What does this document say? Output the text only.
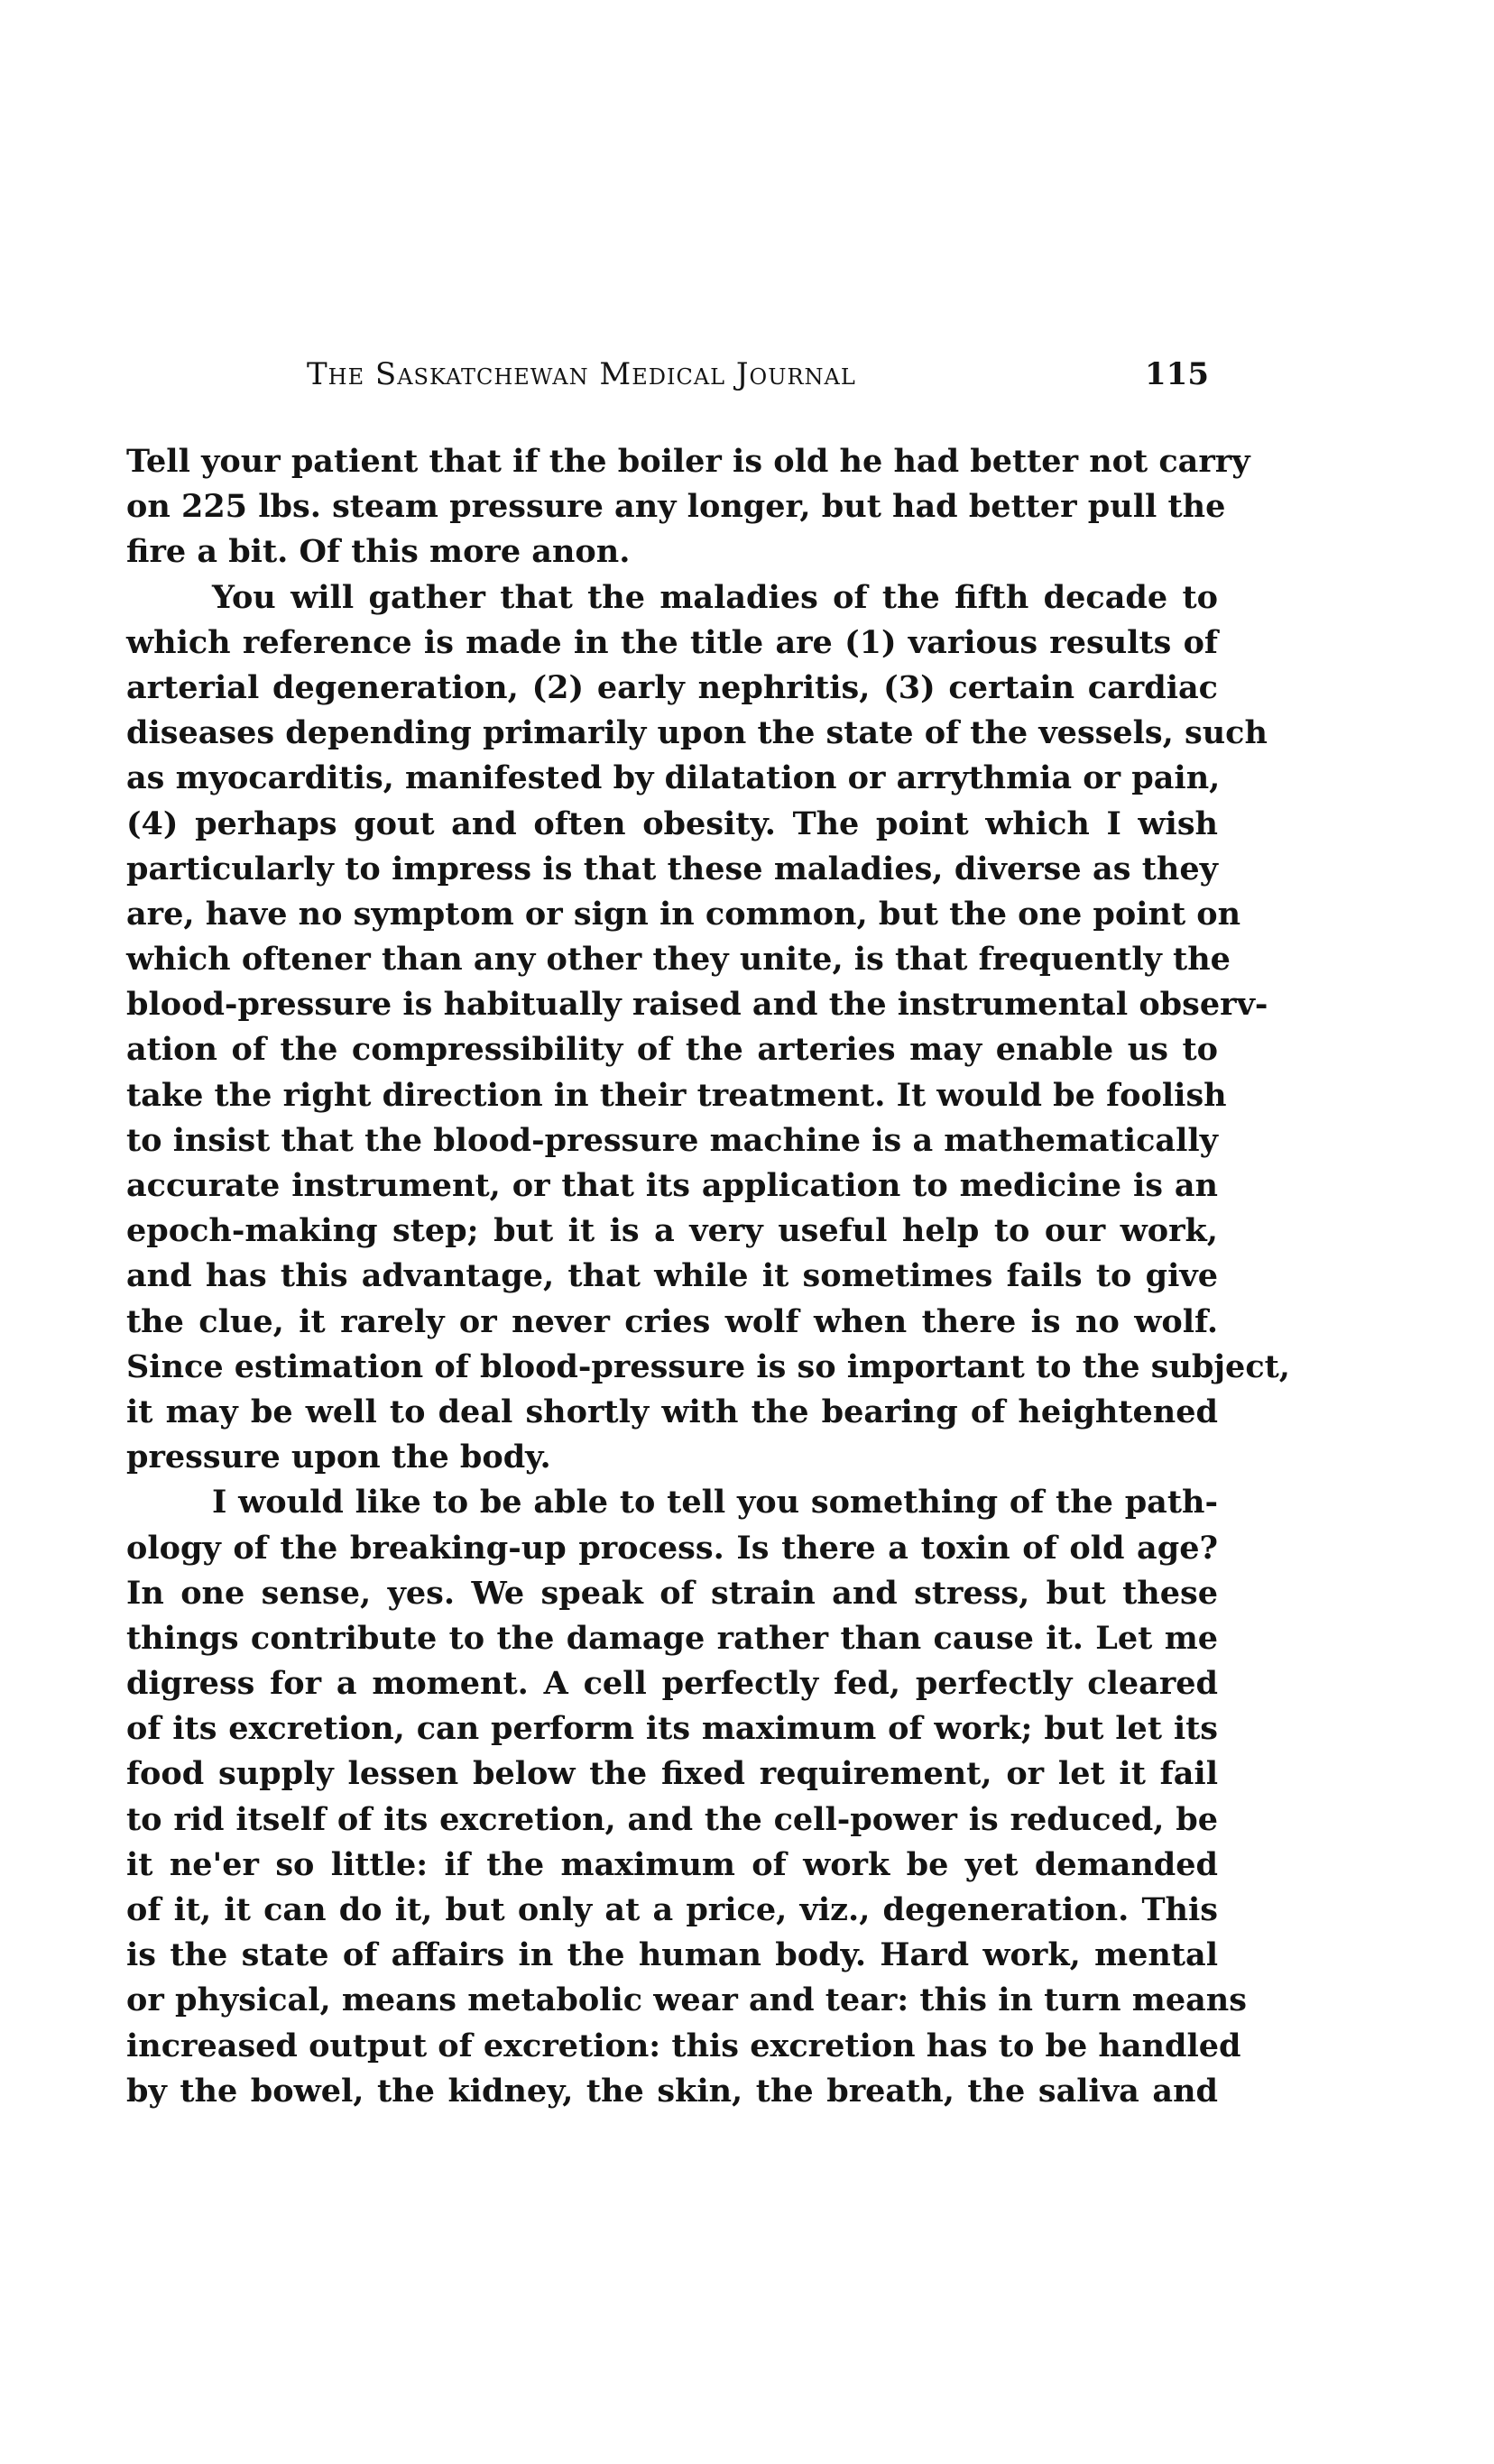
The Saskatchewan Medical Journal	115
Tell your patient that if the boiler is old he had better not carry
on 225 lbs. steam pressure any longer, but had better pull the
fire a bit. Of this more anon.
You will gather that the maladies of the fifth decade to
which reference is made in the title are (1) various results of
arterial degeneration, (2) early nephritis, (3) certain cardiac
diseases depending primarily upon the state of the vessels, such
as myocarditis, manifested by dilatation or arrythmia or pain,
(4) perhaps gout and often obesity. The point which I wish
particularly to impress is that these maladies, diverse as they
are, have no symptom or sign in common, but the one point on
which oftener than any other they unite, is that frequently the
blood-pressure is habitually raised and the instrumental observ-
ation of the compressibility of the arteries may enable us to
take the right direction in their treatment. It would be foolish
to insist that the blood-pressure machine is a mathematically
accurate instrument, or that its application to medicine is an
epoch-making step; but it is a very useful help to our work,
and has this advantage, that while it sometimes fails to give
the clue, it rarely or never cries wolf when there is no wolf.
Since estimation of blood-pressure is so important to the subject,
it may be well to deal shortly with the bearing of heightened
pressure upon the body.
I would like to be able to tell you something of the path-
ology of the breaking-up process. Is there a toxin of old age?
In one sense, yes. We speak of strain and stress, but these
things contribute to the damage rather than cause it. Let me
digress for a moment. A cell perfectly fed, perfectly cleared
of its excretion, can perform its maximum of work; but let its
food supply lessen below the fixed requirement, or let it fail
to rid itself of its excretion, and the cell-power is reduced, be
it ne'er so little: if the maximum of work be yet demanded
of it, it can do it, but only at a price, viz., degeneration. This
is the state of affairs in the human body. Hard work, mental
or physical, means metabolic wear and tear: this in turn means
increased output of excretion: this excretion has to be handled
by the bowel, the kidney, the skin, the breath, the saliva and
